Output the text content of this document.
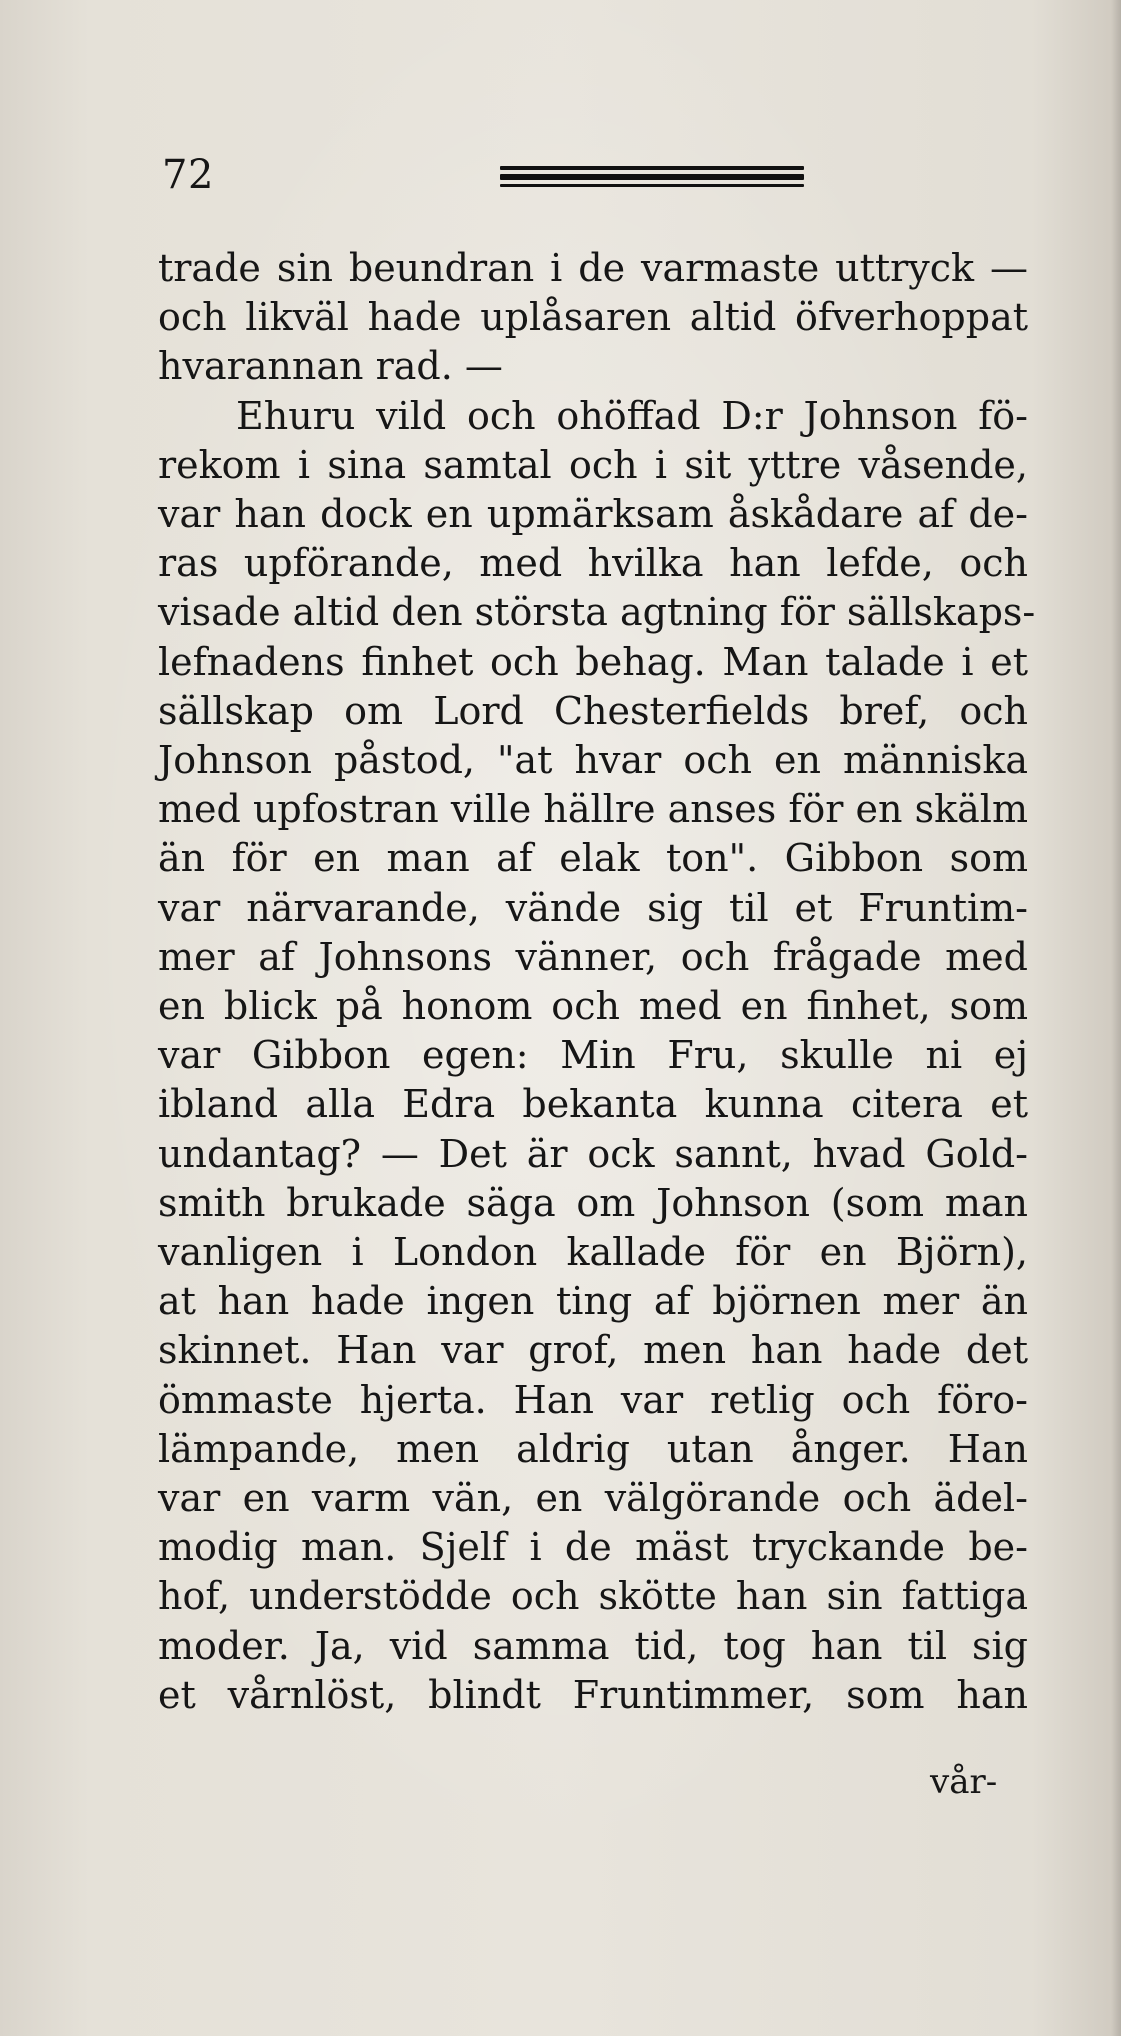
72
trade sin beundran i de varmaste uttryck —
och likväl hade uplåsaren altid öfverhoppat
hvarannan rad. —
Ehuru vild och ohöffad D:r Johnson fö-
rekom i sina samtal och i sit yttre våsende,
var han dock en upmärksam åskådare af de-
ras upförande, med hvilka han lefde, och
visade altid den största agtning för sällskaps-
lefnadens finhet och behag. Man talade i et
sällskap om Lord Chesterfields bref, och
Johnson påstod, "at hvar och en människa
med upfostran ville hällre anses för en skälm
än för en man af elak ton". Gibbon som
var närvarande, vände sig til et Fruntim-
mer af Johnsons vänner, och frågade med
en blick på honom och med en finhet, som
var Gibbon egen: Min Fru, skulle ni ej
ibland alla Edra bekanta kunna citera et
undantag? — Det är ock sannt, hvad Gold-
smith brukade säga om Johnson (som man
vanligen i London kallade för en Björn),
at han hade ingen ting af björnen mer än
skinnet. Han var grof, men han hade det
ömmaste hjerta. Han var retlig och föro-
lämpande, men aldrig utan ånger. Han
var en varm vän, en välgörande och ädel-
modig man. Sjelf i de mäst tryckande be-
hof, understödde och skötte han sin fattiga
moder. Ja, vid samma tid, tog han til sig
et vårnlöst, blindt Fruntimmer, som han
vår-
